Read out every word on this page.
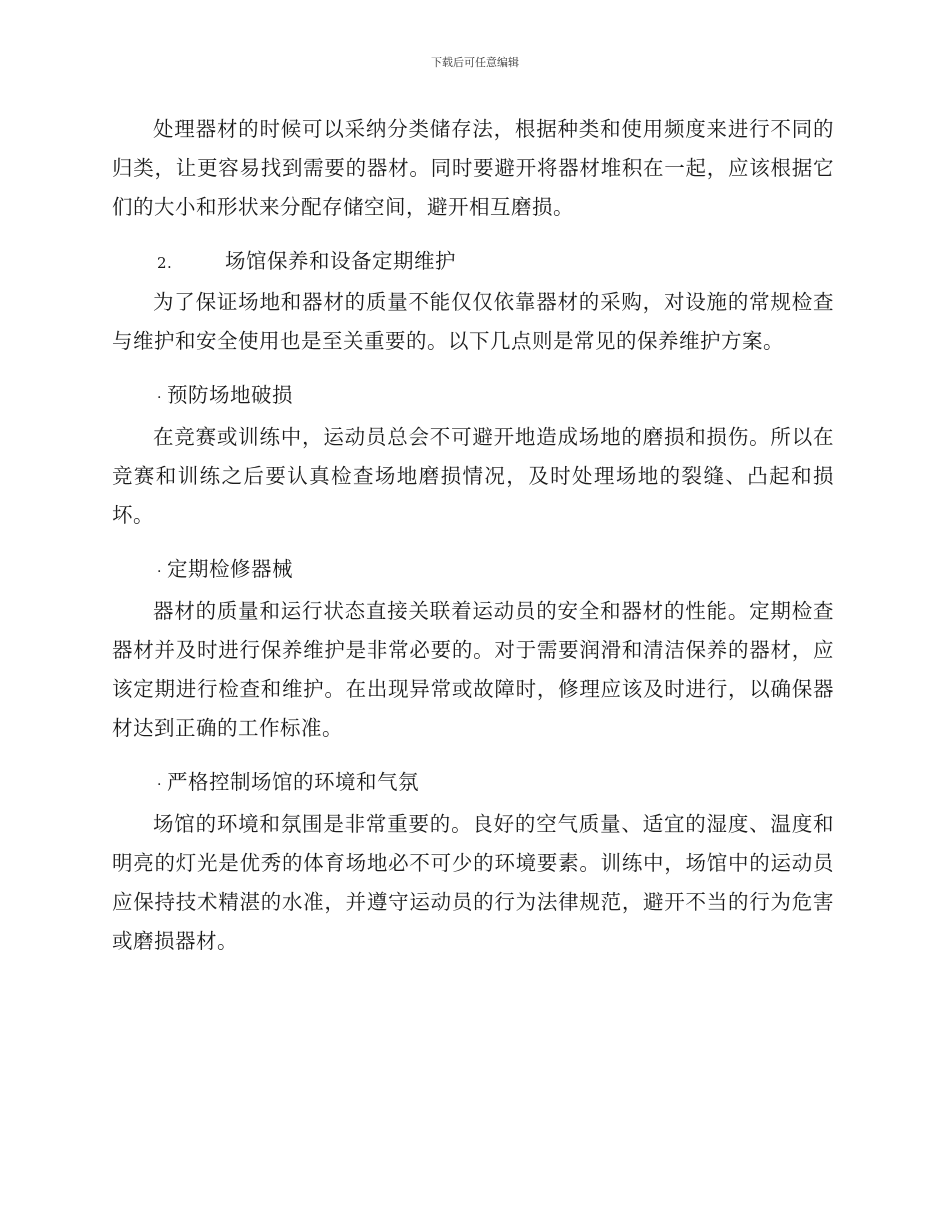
下载后可任意编辑

处理器材的时候可以采纳分类储存法，根据种类和使用频度来进行不同的归类，让更容易找到需要的器材。同时要避开将器材堆积在一起，应该根据它们的大小和形状来分配存储空间，避开相互磨损。

2.	场馆保养和设备定期维护

为了保证场地和器材的质量不能仅仅依靠器材的采购，对设施的常规检查与维护和安全使用也是至关重要的。以下几点则是常见的保养维护方案。

· 预防场地破损

在竞赛或训练中，运动员总会不可避开地造成场地的磨损和损伤。所以在竞赛和训练之后要认真检查场地磨损情况，及时处理场地的裂缝、凸起和损坏。

· 定期检修器械

器材的质量和运行状态直接关联着运动员的安全和器材的性能。定期检查器材并及时进行保养维护是非常必要的。对于需要润滑和清洁保养的器材，应该定期进行检查和维护。在出现异常或故障时，修理应该及时进行，以确保器材达到正确的工作标准。

· 严格控制场馆的环境和气氛

场馆的环境和氛围是非常重要的。良好的空气质量、适宜的湿度、温度和明亮的灯光是优秀的体育场地必不可少的环境要素。训练中，场馆中的运动员应保持技术精湛的水准，并遵守运动员的行为法律规范，避开不当的行为危害或磨损器材。
